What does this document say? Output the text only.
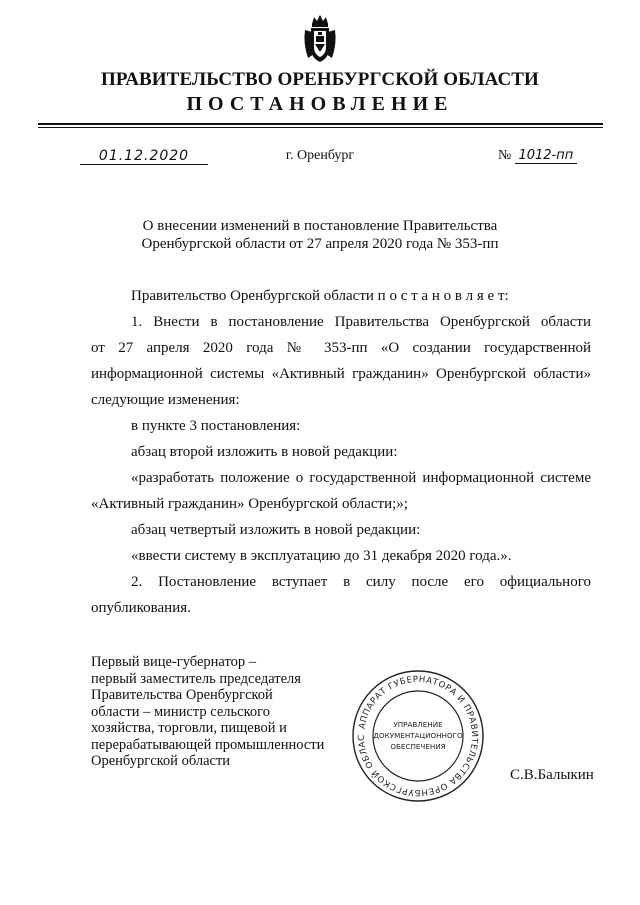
ПРАВИТЕЛЬСТВО ОРЕНБУРГСКОЙ ОБЛАСТИ
ПОСТАНОВЛЕНИЕ
01.12.2020	г. Оренбург	№ 1012-пп
О внесении изменений в постановление Правительства
Оренбургской области от 27 апреля 2020 года № 353-пп
Правительство Оренбургской области п о с т а н о в л я е т:
1. Внести в постановление Правительства Оренбургской области
от 27 апреля 2020 года № 353-пп «О создании государственной
информационной системы «Активный гражданин» Оренбургской области»
следующие изменения:
в пункте 3 постановления:
абзац второй изложить в новой редакции:
«разработать положение о государственной информационной системе
«Активный гражданин» Оренбургской области;»;
абзац четвертый изложить в новой редакции:
«ввести систему в эксплуатацию до 31 декабря 2020 года.».
2. Постановление вступает в силу после его официального
опубликования.
Первый вице-губернатор –
первый заместитель председателя
Правительства Оренбургской
области – министр сельского
хозяйства, торговли, пищевой и
перерабатывающей промышленности
Оренбургской области
АППАРАТ ГУБЕРНАТОРА И ПРАВИТЕЛЬСТВА ОРЕНБУРГСКОЙ ОБЛАС
УПРАВЛЕНИЕ
ДОКУМЕНТАЦИОННОГО
ОБЕСПЕЧЕНИЯ
С.В.Балыкин
